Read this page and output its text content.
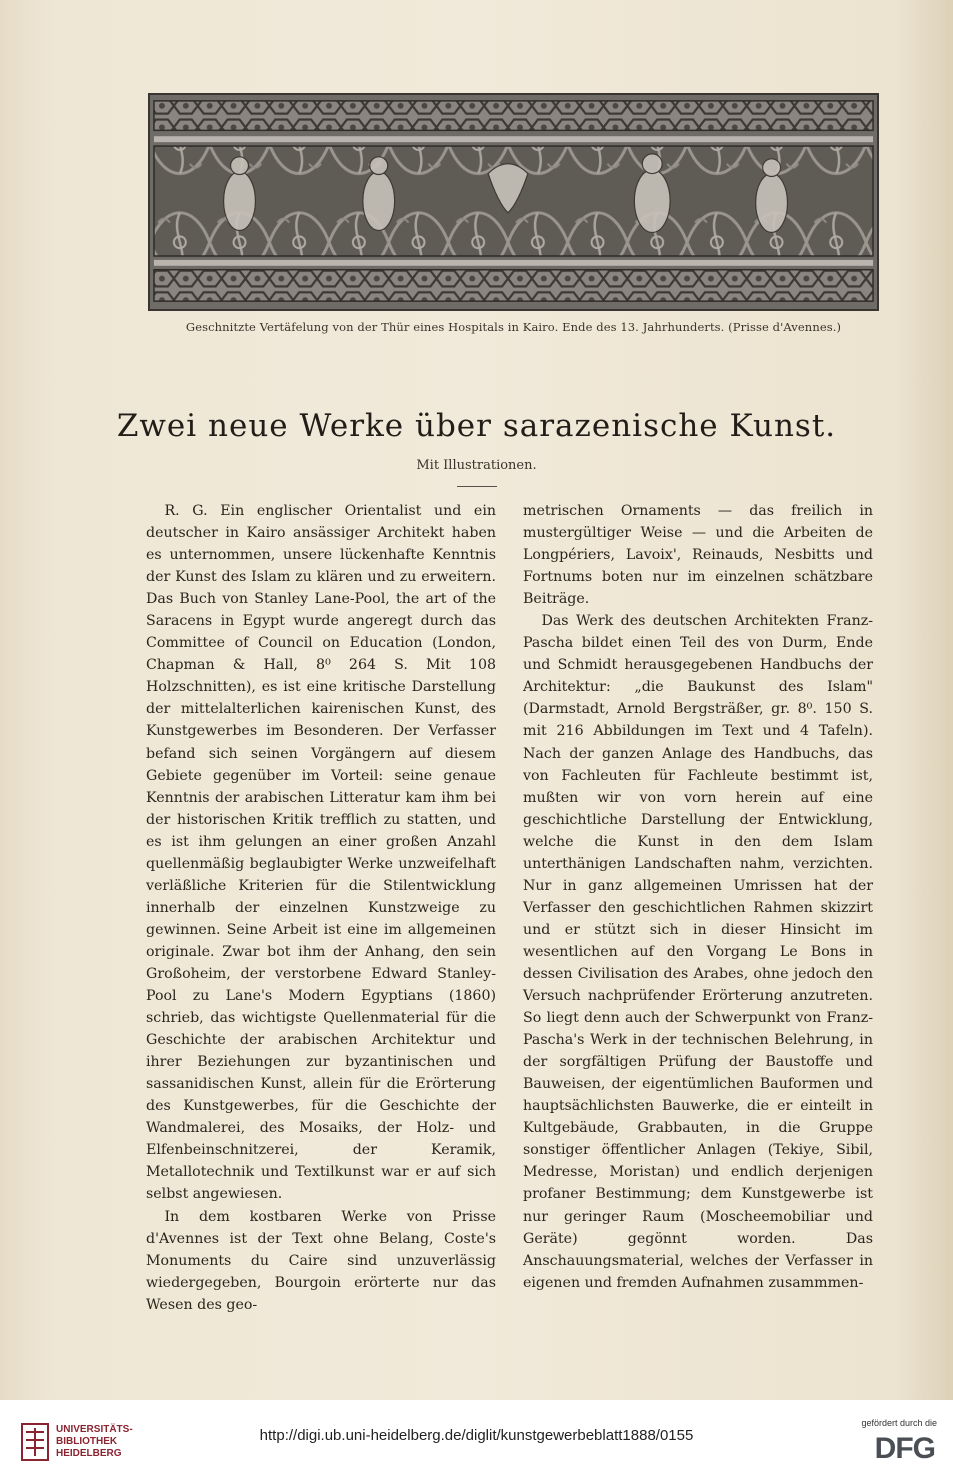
Geschnitzte Vertäfelung von der Thür eines Hospitals in Kairo. Ende des 13. Jahrhunderts. (Prisse d'Avennes.)
Zwei neue Werke über sarazenische Kunst.
Mit Illustrationen.

R. G. Ein englischer Orientalist und ein deutscher in Kairo ansässiger Architekt haben es unternommen, unsere lückenhafte Kenntnis der Kunst des Islam zu klären und zu erweitern. Das Buch von Stanley Lane-Pool, the art of the Saracens in Egypt wurde angeregt durch das Committee of Council on Education (London, Chapman & Hall, 8⁰ 264 S. Mit 108 Holzschnitten), es ist eine kritische Darstellung der mittelalterlichen kairenischen Kunst, des Kunstgewerbes im Besonderen. Der Verfasser befand sich seinen Vorgängern auf diesem Gebiete gegenüber im Vorteil: seine genaue Kenntnis der arabischen Litteratur kam ihm bei der historischen Kritik trefflich zu statten, und es ist ihm gelungen an einer großen Anzahl quellenmäßig beglaubigter Werke unzweifelhaft verläßliche Kriterien für die Stilentwicklung innerhalb der einzelnen Kunstzweige zu gewinnen. Seine Arbeit ist eine im allgemeinen originale. Zwar bot ihm der Anhang, den sein Großoheim, der verstorbene Edward Stanley-Pool zu Lane's Modern Egyptians (1860) schrieb, das wichtigste Quellenmaterial für die Geschichte der arabischen Architektur und ihrer Beziehungen zur byzantinischen und sassanidischen Kunst, allein für die Erörterung des Kunstgewerbes, für die Geschichte der Wandmalerei, des Mosaiks, der Holz- und Elfenbeinschnitzerei, der Keramik, Metallotechnik und Textilkunst war er auf sich selbst angewiesen.

In dem kostbaren Werke von Prisse d'Avennes ist der Text ohne Belang, Coste's Monuments du Caire sind unzuverlässig wiedergegeben, Bourgoin erörterte nur das Wesen des geo-

metrischen Ornaments — das freilich in mustergültiger Weise — und die Arbeiten de Longpériers, Lavoix', Reinauds, Nesbitts und Fortnums boten nur im einzelnen schätzbare Beiträge.

Das Werk des deutschen Architekten Franz-Pascha bildet einen Teil des von Durm, Ende und Schmidt herausgegebenen Handbuchs der Architektur: „die Baukunst des Islam" (Darmstadt, Arnold Bergsträßer, gr. 8⁰. 150 S. mit 216 Abbildungen im Text und 4 Tafeln). Nach der ganzen Anlage des Handbuchs, das von Fachleuten für Fachleute bestimmt ist, mußten wir von vorn herein auf eine geschichtliche Darstellung der Entwicklung, welche die Kunst in den dem Islam unterthänigen Landschaften nahm, verzichten. Nur in ganz allgemeinen Umrissen hat der Verfasser den geschichtlichen Rahmen skizzirt und er stützt sich in dieser Hinsicht im wesentlichen auf den Vorgang Le Bons in dessen Civilisation des Arabes, ohne jedoch den Versuch nachprüfender Erörterung anzutreten. So liegt denn auch der Schwerpunkt von Franz-Pascha's Werk in der technischen Belehrung, in der sorgfältigen Prüfung der Baustoffe und Bauweisen, der eigentümlichen Bauformen und hauptsächlichsten Bauwerke, die er einteilt in Kultgebäude, Grabbauten, in die Gruppe sonstiger öffentlicher Anlagen (Tekiye, Sibil, Medresse, Moristan) und endlich derjenigen profaner Bestimmung; dem Kunstgewerbe ist nur geringer Raum (Moscheemobiliar und Geräte) gegönnt worden. Das Anschauungsmaterial, welches der Verfasser in eigenen und fremden Aufnahmen zusammmen-

UNIVERSITÄTS-
BIBLIOTHEK
HEIDELBERG
http://digi.ub.uni-heidelberg.de/diglit/kunstgewerbeblatt1888/0155
gefördert durch die
DFG
